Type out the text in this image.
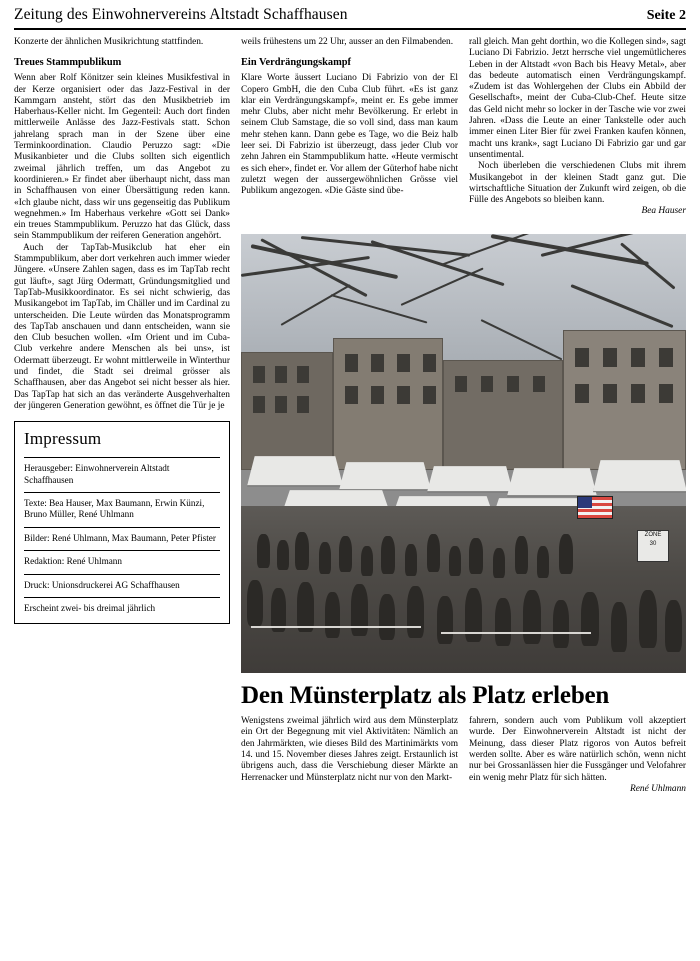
Zeitung des Einwohnervereins Altstadt Schaffhausen	Seite 2

Konzerte der ähnlichen Musikrichtung stattfinden.

Treues Stammpublikum

Wenn aber Rolf Könitzer sein kleines Musikfestival in der Kerze organisiert oder das Jazz-Festival in der Kammgarn ansteht, stört das den Musikbetrieb im Haberhaus-Keller nicht. Im Gegenteil: Auch dort finden mittlerweile Anlässe des Jazz-Festivals statt. Schon jahrelang sprach man in der Szene über eine Terminkoordination. Claudio Peruzzo sagt: «Die Musikanbieter und die Clubs sollten sich eigentlich zweimal jährlich treffen, um das Angebot zu koordinieren.» Er findet aber überhaupt nicht, dass man in Schaffhausen von einer Übersättigung reden kann. «Ich glaube nicht, dass wir uns gegenseitig das Publikum wegnehmen.» Im Haberhaus verkehre «Gott sei Dank» ein treues Stammpublikum. Peruzzo hat das Glück, dass sein Stammpublikum der reiferen Generation angehört.

Auch der TapTab-Musikclub hat eher ein Stammpublikum, aber dort verkehren auch immer wieder Jüngere. «Unsere Zahlen sagen, dass es im TapTab recht gut läuft», sagt Jürg Odermatt, Gründungsmitglied und TapTab-Musikkoordinator. Es sei nicht schwierig, das Musikangebot im TapTab, im Chäller und im Cardinal zu unterscheiden. Die Leute würden das Monatsprogramm des TapTab anschauen und dann entscheiden, wann sie den Club besuchen wollen. «Im Orient und im Cuba-Club verkehre andere Menschen als bei uns», ist Odermatt überzeugt. Er wohnt mittlerweile in Winterthur und findet, die Stadt sei dreimal grösser als Schaffhausen, aber das Angebot sei nicht besser als hier. Das TapTap hat sich an das veränderte Ausgehverhalten der jüngeren Generation gewöhnt, es öffnet die Tür je je

Impressum

Herausgeber: Einwohnerverein Altstadt Schaffhausen

Texte: Bea Hauser, Max Baumann, Erwin Künzi, Bruno Müller, René Uhlmann

Bilder: René Uhlmann, Max Baumann, Peter Pfister

Redaktion: René Uhlmann

Druck: Unionsdruckerei AG Schaffhausen

Erscheint zwei- bis dreimal jährlich

weils frühestens um 22 Uhr, ausser an den Filmabenden.

Ein Verdrängungskampf

Klare Worte äussert Luciano Di Fabrizio von der El Copero GmbH, die den Cuba Club führt. «Es ist ganz klar ein Verdrängungskampf», meint er. Es gebe immer mehr Clubs, aber nicht mehr Bevölkerung. Er erlebt in seinem Club Samstage, die so voll sind, dass man kaum mehr stehen kann. Dann gebe es Tage, wo die Beiz halb leer sei. Di Fabrizio ist überzeugt, dass jeder Club vor zehn Jahren ein Stammpublikum hatte. «Heute vermischt es sich eher», findet er. Vor allem der Güterhof habe nicht zuletzt wegen der aussergewöhnlichen Grösse viel Publikum angezogen. «Die Gäste sind übe-

rall gleich. Man geht dorthin, wo die Kollegen sind», sagt Luciano Di Fabrizio. Jetzt herrsche viel ungemütlicheres Leben in der Altstadt «von Bach bis Heavy Metal», aber das bedeute automatisch einen Verdrängungskampf. «Zudem ist das Wohlergehen der Clubs ein Abbild der Gesellschaft», meint der Cuba-Club-Chef. Heute sitze das Geld nicht mehr so locker in der Tasche wie vor zwei Jahren. «Dass die Leute an einer Tankstelle oder auch immer einen Liter Bier für zwei Franken kaufen können, macht uns krank», sagt Luciano Di Fabrizio gar und gar unsentimental.

Noch überleben die verschiedenen Clubs mit ihrem Musikangebot in der kleinen Stadt ganz gut. Die wirtschaftliche Situation der Zukunft wird zeigen, ob die Fülle des Angebots so bleiben kann.

Bea Hauser

ZONE
30
Den Münsterplatz als Platz erleben

Wenigstens zweimal jährlich wird aus dem Münsterplatz ein Ort der Begegnung mit viel Aktivitäten: Nämlich an den Jahrmärkten, wie dieses Bild des Martinimärkts vom 14. und 15. November dieses Jahres zeigt. Erstaunlich ist übrigens auch, dass die Verschiebung dieser Märkte an Herrenacker und Münsterplatz nicht nur von den Markt-

fahrern, sondern auch vom Publikum voll akzeptiert wurde. Der Einwohnerverein Altstadt ist nicht der Meinung, dass dieser Platz rigoros von Autos befreit werden sollte. Aber es wäre natürlich schön, wenn nicht nur bei Grossanlässen hier die Fussgänger und Velofahrer ein wenig mehr Platz für sich hätten.

René Uhlmann
